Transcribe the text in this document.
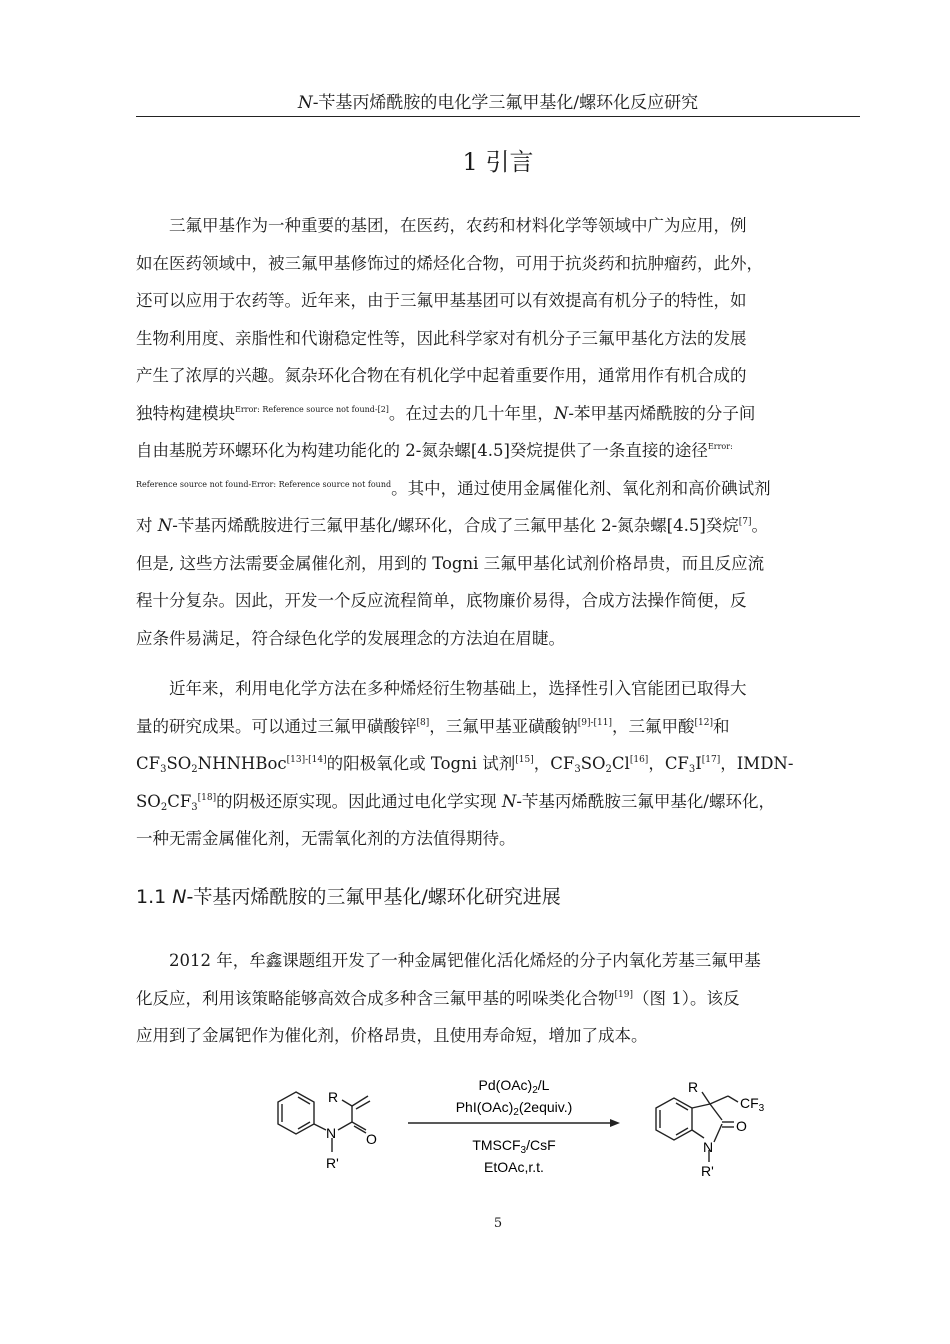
N-苄基丙烯酰胺的电化学三氟甲基化/螺环化反应研究
1 引言
三氟甲基作为一种重要的基团，在医药，农药和材料化学等领域中广为应用，例
如在医药领域中，被三氟甲基修饰过的烯烃化合物，可用于抗炎药和抗肿瘤药，此外，
还可以应用于农药等。近年来，由于三氟甲基基团可以有效提高有机分子的特性，如
生物利用度、亲脂性和代谢稳定性等，因此科学家对有机分子三氟甲基化方法的发展
产生了浓厚的兴趣。氮杂环化合物在有机化学中起着重要作用，通常用作有机合成的
独特构建模块$^{Error: Reference source not found-[2]}$。在过去的几十年里，N-苯甲基丙烯酰胺的分子间
自由基脱芳环螺环化为构建功能化的 2-氮杂螺[4.5]癸烷提供了一条直接的途径$^{Error:}$
$^{Reference source not found-Error: Reference source not found}$。其中，通过使用金属催化剂、氧化剂和高价碘试剂
对 N-苄基丙烯酰胺进行三氟甲基化/螺环化，合成了三氟甲基化 2-氮杂螺[4.5]癸烷[7]。
但是, 这些方法需要金属催化剂，用到的 Togni 三氟甲基化试剂价格昂贵，而且反应流
程十分复杂。因此，开发一个反应流程简单，底物廉价易得，合成方法操作简便，反
应条件易满足，符合绿色化学的发展理念的方法迫在眉睫。
近年来，利用电化学方法在多种烯烃衍生物基础上，选择性引入官能团已取得大
量的研究成果。可以通过三氟甲磺酸锌[8]，三氟甲基亚磺酸钠[9]-[11]，三氟甲酸[12]和
$CF_3SO_2NHNHBoc[13]-[14]$的阳极氧化或 Togni 试剂[15]，$CF_3SO_2Cl[16]$，$CF_3I[17]$，IMDN-
$SO_2CF_3[18]$的阴极还原实现。因此通过电化学实现 N-苄基丙烯酰胺三氟甲基化/螺环化，
一种无需金属催化剂，无需氧化剂的方法值得期待。
1.1 N-苄基丙烯酰胺的三氟甲基化/螺环化研究进展
2012 年，牟鑫课题组开发了一种金属钯催化活化烯烃的分子内氧化芳基三氟甲基
化反应，利用该策略能够高效合成多种含三氟甲基的吲哚类化合物[19]（图 1）。该反
应用到了金属钯作为催化剂，价格昂贵，且使用寿命短，增加了成本。
R
O
N
R'
$Pd(OAc)_2/L$
$PhI(OAc)_2(2equiv.)$
$TMSCF_3$/CsF
EtOAc,r.t.
R
$CF_3$
O
N
R'
5
